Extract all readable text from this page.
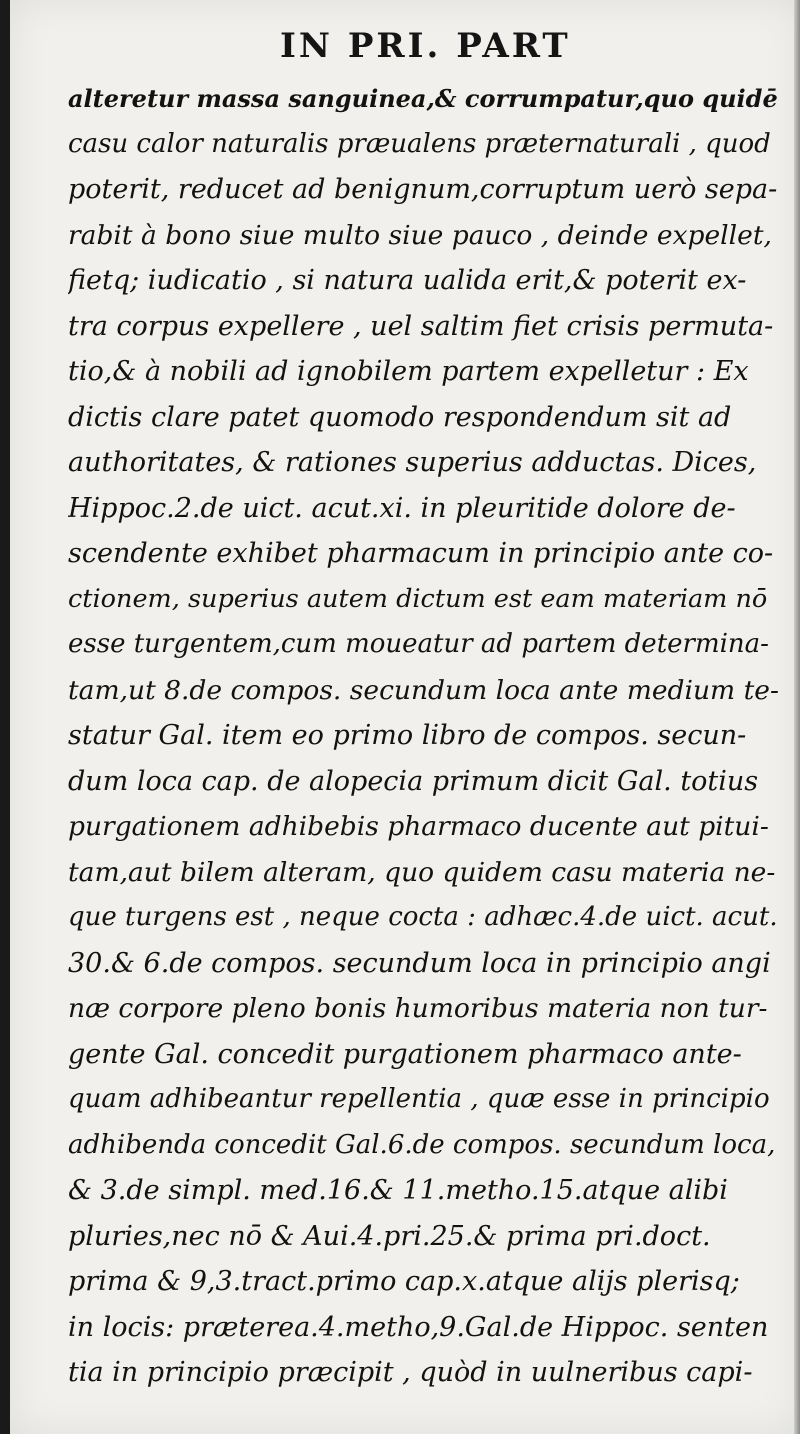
IN PRI. PART
alteretur massa sanguinea,& corrumpatur,quo quidē
casu calor naturalis præualens præternaturali , quod
poterit, reducet ad benignum,corruptum uerò sepa-
rabit à bono siue multo siue pauco , deinde expellet,
fietq; iudicatio , si natura ualida erit,& poterit ex-
tra corpus expellere , uel saltim fiet crisis permuta-
tio,& à nobili ad ignobilem partem expelletur : Ex
dictis clare patet quomodo respondendum sit ad
authoritates, & rationes superius adductas. Dices,
Hippoc.2.de uict. acut.xi. in pleuritide dolore de-
scendente exhibet pharmacum in principio ante co-
ctionem, superius autem dictum est eam materiam nō
esse turgentem,cum moueatur ad partem determina-
tam,ut 8.de compos. secundum loca ante medium te-
statur Gal. item eo primo libro de compos. secun-
dum loca cap. de alopecia primum dicit Gal. totius
purgationem adhibebis pharmaco ducente aut pitui-
tam,aut bilem alteram, quo quidem casu materia ne-
que turgens est , neque cocta : adhæc.4.de uict. acut.
30.& 6.de compos. secundum loca in principio angi
næ corpore pleno bonis humoribus materia non tur-
gente Gal. concedit purgationem pharmaco ante-
quam adhibeantur repellentia , quæ esse in principio
adhibenda concedit Gal.6.de compos. secundum loca,
& 3.de simpl. med.16.& 11.metho.15.atque alibi
pluries,nec nō & Aui.4.pri.25.& prima pri.doct.
prima & 9,3.tract.primo cap.x.atque alijs plerisq;
in locis: præterea.4.metho,9.Gal.de Hippoc. senten
tia in principio præcipit , quòd in uulneribus capi-
